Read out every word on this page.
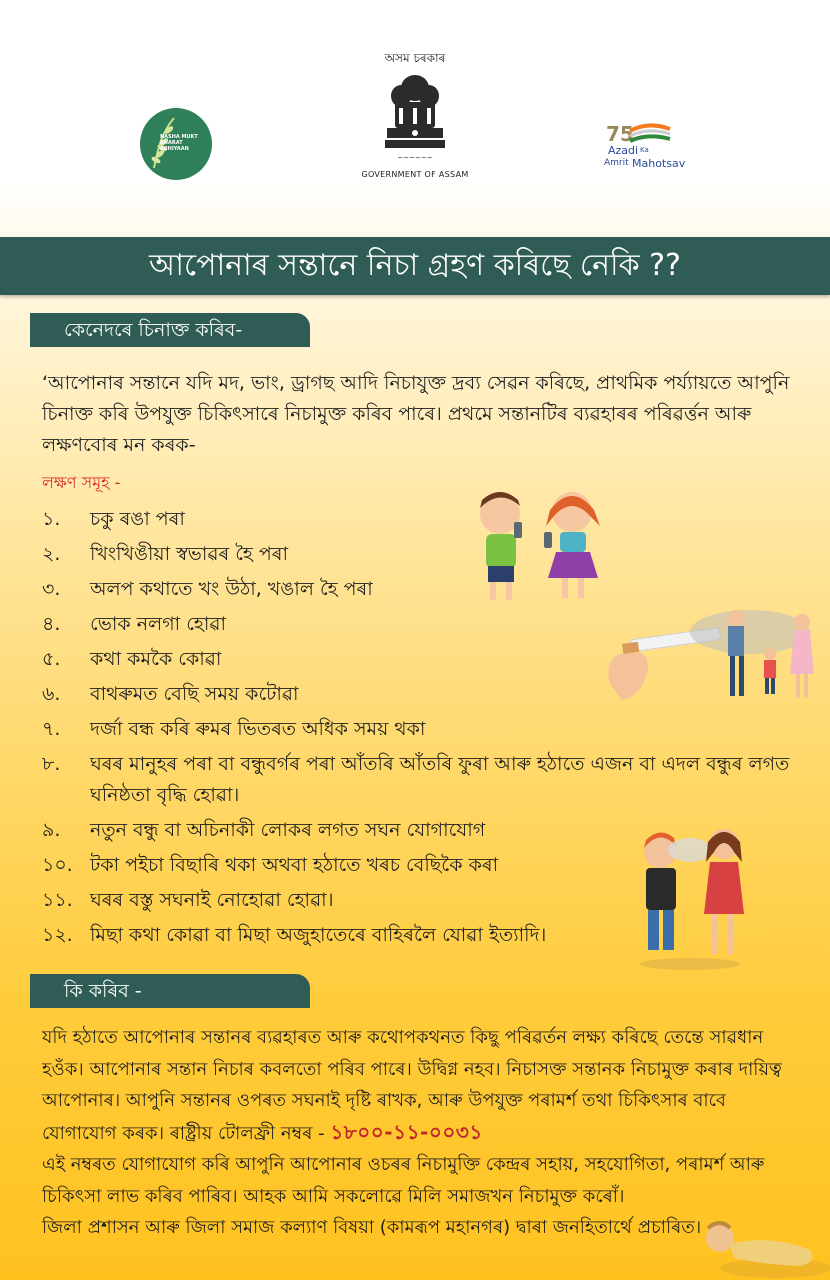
অসম চৰকাৰ
~~~~~~
GOVERNMENT OF ASSAM
NASHA MUKT BHARAT ABHIYAAN
75
Azadi Ka
Amrit Mahotsav
আপোনাৰ সন্তানে নিচা গ্ৰহণ কৰিছে নেকি ??
কেনেদৰে চিনাক্ত কৰিব-
‘আপোনাৰ সন্তানে যদি মদ, ভাং, ড্ৰাগছ আদি নিচাযুক্ত দ্ৰব্য সেৱন কৰিছে, প্ৰাথমিক পৰ্য্যায়তে আপুনি চিনাক্ত কৰি উপযুক্ত চিকিৎসাৰে নিচামুক্ত কৰিব পাৰে। প্ৰথমে সন্তানটিৰ ব্যৱহাৰৰ পৰিৱৰ্ত্তন আৰু লক্ষণবোৰ মন কৰক-
লক্ষণ সমূহ -
১.	চকু ৰঙা পৰা
২.	খিংখিঙীয়া স্বভাৱৰ হৈ পৰা
৩.	অলপ কথাতে খং উঠা, খঙাল হৈ পৰা
৪.	ভোক নলগা হোৱা
৫.	কথা কমকৈ কোৱা
৬.	বাথৰুমত বেছি সময় কটোৱা
৭.	দৰ্জা বন্ধ কৰি ৰুমৰ ভিতৰত অধিক সময় থকা
৮.	ঘৰৰ মানুহৰ পৰা বা বন্ধুবৰ্গৰ পৰা আঁতৰি আঁতৰি ফুৰা আৰু হঠাতে এজন বা এদল বন্ধুৰ লগত ঘনিষ্ঠতা বৃদ্ধি হোৱা।
৯.	নতুন বন্ধু বা অচিনাকী লোকৰ লগত সঘন যোগাযোগ
১০. টকা পইচা বিছাৰি থকা অথবা হঠাতে খৰচ বেছিকৈ কৰা
১১. ঘৰৰ বস্তু সঘনাই নোহোৱা হোৱা।
১২. মিছা কথা কোৱা বা মিছা অজুহাতেৰে বাহিৰলৈ যোৱা ইত্যাদি।
কি কৰিব -
যদি হঠাতে আপোনাৰ সন্তানৰ ব্যৱহাৰত আৰু কথোপকথনত কিছু পৰিৱৰ্তন লক্ষ্য কৰিছে তেন্তে সাৱধান হওঁক। আপোনাৰ সন্তান নিচাৰ কবলতো পৰিব পাৰে। উদ্বিগ্ন নহব। নিচাসক্ত সন্তানক নিচামুক্ত কৰাৰ দায়িত্ব আপোনাৰ। আপুনি সন্তানৰ ওপৰত সঘনাই দৃষ্টি ৰাখক, আৰু উপযুক্ত পৰামৰ্শ তথা চিকিৎসাৰ বাবে যোগাযোগ কৰক। ৰাষ্ট্ৰীয় টোলফ্ৰী নম্বৰ - ১৮০০-১১-০০৩১
এই নম্বৰত যোগাযোগ কৰি আপুনি আপোনাৰ ওচৰৰ নিচামুক্তি কেন্দ্ৰৰ সহায়, সহযোগিতা, পৰামৰ্শ আৰু চিকিৎসা লাভ কৰিব পাৰিব। আহক আমি সকলোৱে মিলি সমাজখন নিচামুক্ত কৰোঁ।
জিলা প্ৰশাসন আৰু জিলা সমাজ কল্যাণ বিষয়া (কামৰূপ মহানগৰ) দ্বাৰা জনহিতাৰ্থে প্ৰচাৰিত।
